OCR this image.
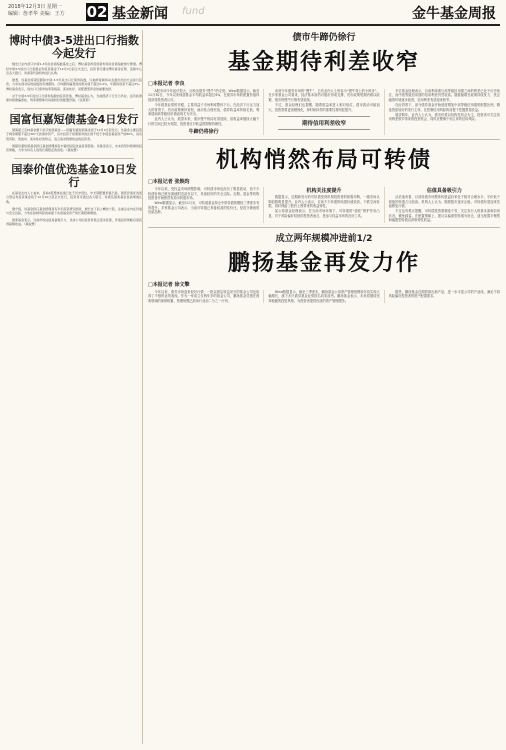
2018年12月3日 星期一
编辑：詹孝华 美编：王方 02 基金新闻 fund	金牛基金周报
博时中债3-5进出口行指数今起发行

继发行业内首只中债1-3年政金债指数基金之后，博时基金再度创新布局政金债指数细分赛道。博时中债3-5进出口行指数证券投资基金于12月3日起正式发行，投资者可通过博时基金官网、直销中心及各大银行、券商等代销机构进行认购。

据悉，该基金将紧密跟踪中债-3-5年进出口行债券指数，以抽样复制和动态最优化的方法进行投资，力求实现对标的指数的有效跟踪，日均跟踪偏离度的绝对值不超过0.2%，年跟踪误差不超过2%。博时基金表示，进出口行债券信用等级高、流动性好，是配置型资金的重要选择。

对于中债3-5年进出口行债券指数的投资价值，博时基金认为，当前经济下行压力仍存，货币政策保持稳健偏宽松，利率债整体仍具备较好的配置价值。（张燕莉）

国富恒嘉短债基金4日发行

国海富兰克林基金旗下首只短债基金——国富恒嘉短债基金将于12月4日起发行。该基金主要投资于剩余期限不超过397天的债券资产，其中投资于短期债券的比例不低于非现金基金资产的80%，具有低风险、低波动、流动性好的特点，适合追求稳健收益的投资者。

国富恒嘉短债基金拟任基金经理拥有丰富的固定收益投资经验。该基金表示，未来将坚持稳健的投资策略，力争为持有人创造长期稳定的回报。（黄淑慧）

国泰价值优选基金10日发行

在基金业内人士看来，目前A股整体估值已处于历史低位，中长期配置价值凸显。国泰价值优选混合型证券投资基金将于12月10日起正式发行，投资者可通过各大银行、券商及国泰基金直销渠道认购。

据介绍，该基金拟任基金经理具有多年投资研究经验，擅长自下而上精选个股，注重企业内在价值与安全边际，力争在控制风险的前提下实现基金资产的长期稳健增值。

国泰基金表示，当前市场估值具备吸引力，优质公司的投资价值正逐步显现，价值投资策略有望获得超额收益。（黄淑慧）

债市牛蹄仍徐行
基金期待利差收窄
□本报记者 李良

A股市场今年起伏很大，反映出债券“慢牛”的走势。Wind数据显示，截至11月30日，今年以来纯债基金平均收益率超过4%，在债券市场的配置价值持续获得投资者认可。

今年债基业绩的亮眼，主要得益于市场利率整体下行。在经济下行压力加大的背景下，货币政策保持宽松，流动性合理充裕，债券收益率持续走低，利率债和高等级信用债表现尤为突出。

业内人士认为，展望未来，债市慢牛格局有望延续，但收益率继续大幅下行的空间已较为有限，投资者应对收益预期保持理性。

牛蹄仍将徐行

谈到今年债券市场的“慢牛”，已有业内人士形容为“慢牛背上的小碎步”。在多家基金公司看来，经济基本面仍对债市形成支撑，货币政策短期内难以收紧，债市的慢牛行情有望延续。

不过，基金经理们也提醒，随着收益率进入相对低位，债市波动可能加大，投资需要更加精细化，择时和择券的重要性将明显提升。

期待信用利差收窄

多位基金经理表示，目前利率债与高等级信用债之间的利差已处于历史低位，而中低等级信用债的信用利差仍然较高。随着稳增长政策持续发力、民企融资环境逐步改善，信用利差有望迎来收窄。

在此背景下，部分债券基金开始适度增加中高等级信用债的配置比例，精选资质较好的发行主体，在控制信用风险的前提下挖掘票息收益。

展望明年，业内人士认为，债市仍将以结构性机会为主，投资者可关注信用利差收窄带来的投资机会，同时应警惕个别主体的信用风险。

机构悄然布局可转债
□本报记者 张焕昀

今年以来，受权益市场调整影响，可转债市场也经历了明显波动，但不少转债价格已跌至面值附近甚至以下，具备较好的安全边际。近期，基金等机构投资者开始悄然布局可转债市场。

Wind数据显示，截至11月末，可转债基金持仓中的转债规模较三季度末有所提升。多家基金公司表示，当前可转债已具备较高的性价比，是攻守兼备的优质品种。

机构关注度提升

数据显示，近期新发行的可转债受到机构投资者的积极申购，一级市场认购倍数明显提升。业内人士表示，目前不少转债的纯债价值较高，下跌空间有限，同时保留了股价上涨带来的收益弹性。

某公募基金经理表示，在当前市场环境下，可转债的“债底”保护作用凸显，对于风险偏好较低的投资者而言，是参与权益市场的良好工具。

估值具备吸引力

从估值来看，目前转债市场整体转股溢价率处于相对合理水平，平价低于面值的转债占比较高。机构人士认为，随着股市逐步企稳，可转债有望迎来估值修复行情。

不过也有观点提醒，可转债投资需精选个券，关注发行人的基本面和信用状况，避免踩雷。在配置策略上，建议以偏债型转债为底仓，适当配置平衡型和偏股型转债以获取弹性收益。

成立两年规模冲进前1/2
鹏扬基金再发力作
□本报记者 徐文擎

今年以来，债券市场迎来较好行情，一批以固定收益见长的基金公司也取得了不错的业绩表现。作为一家成立仅两年多的基金公司，鹏扬基金凭借在固收领域的深厚积累，管理规模已跻身行业前二分之一行列。

Wind数据显示，截至三季度末，鹏扬基金公募资产管理规模较年初实现大幅增长，旗下多只债券基金业绩排名同类前列。鹏扬基金表示，未来将继续坚持稳健的投资风格，为投资者提供优质的资产管理服务。

据悉，鹏扬基金近期将推出新产品，进一步丰富公司的产品线，满足不同风险偏好投资者的资产配置需求。
